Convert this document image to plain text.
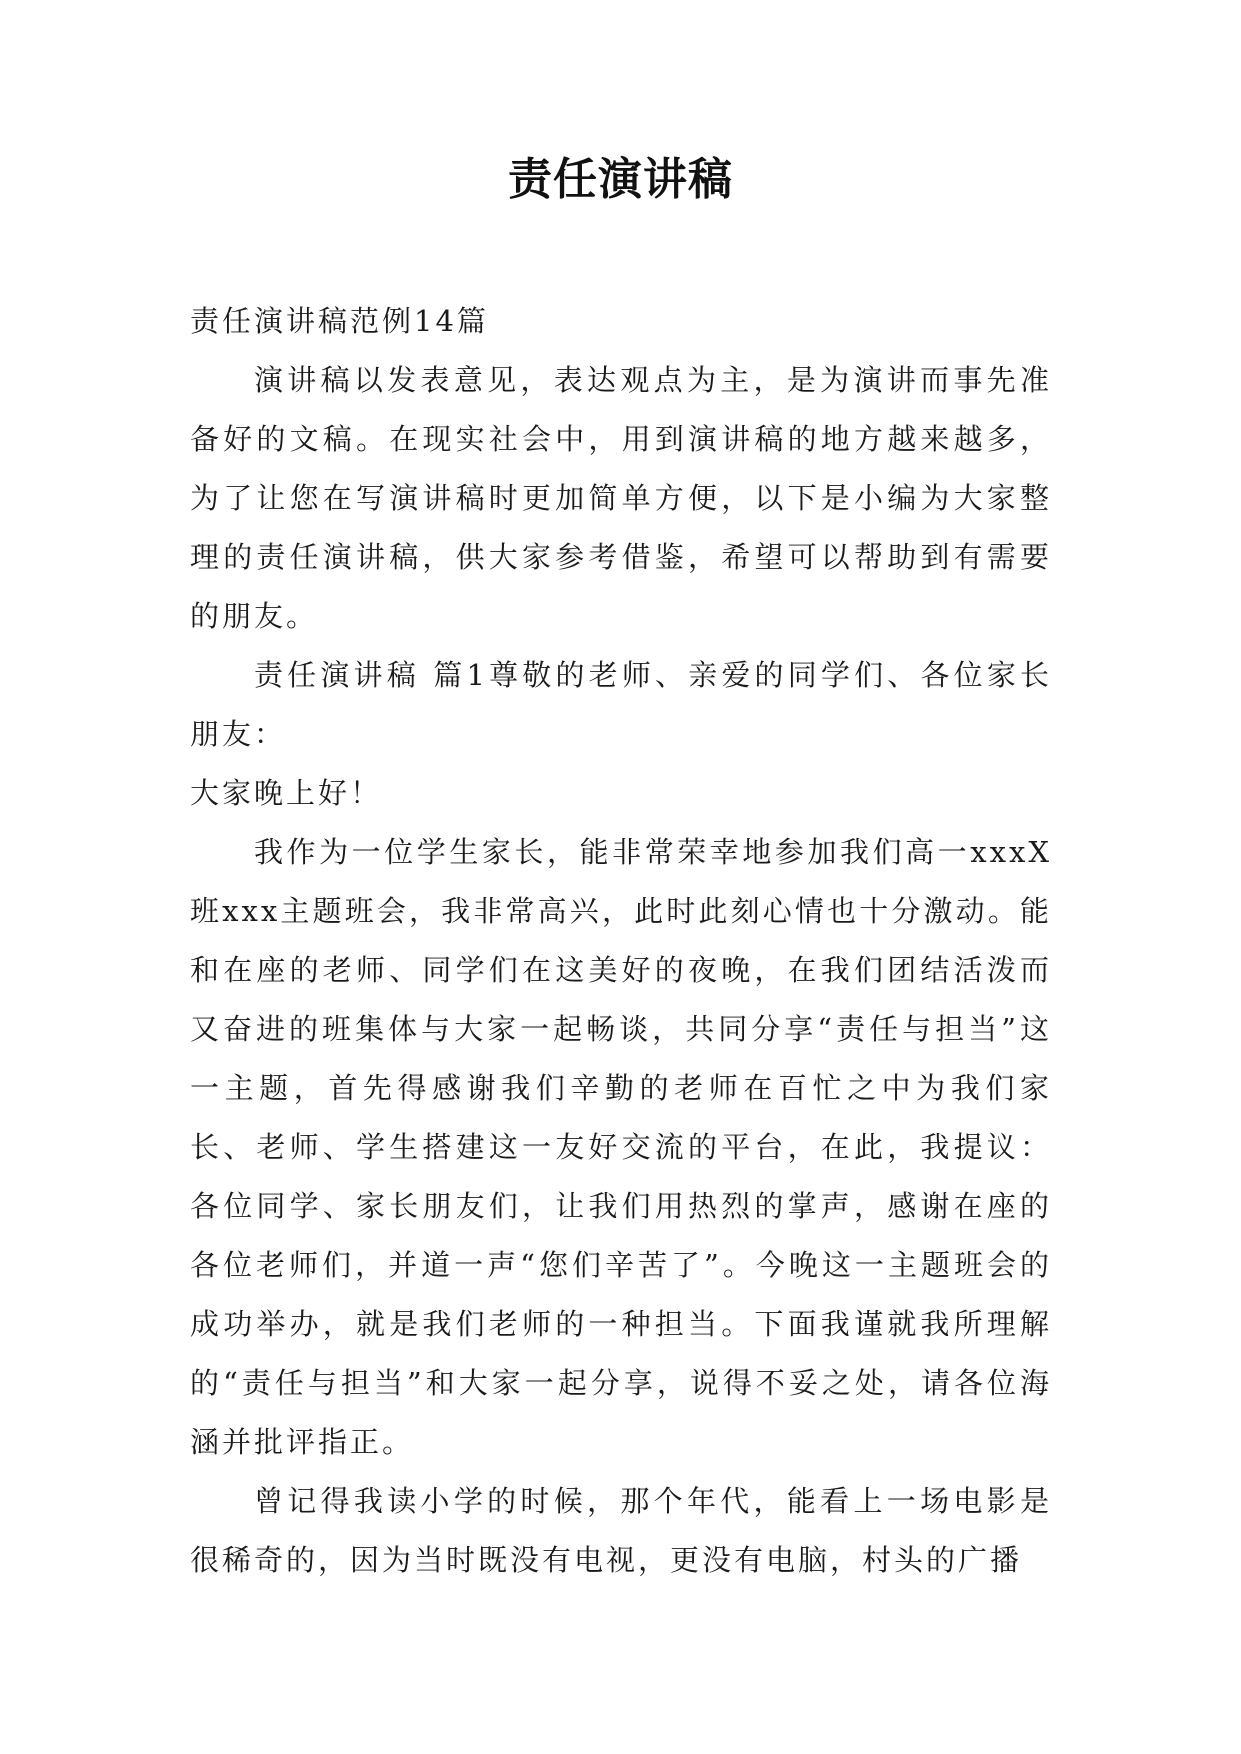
责任演讲稿

责任演讲稿范例14篇

演讲稿以发表意见，表达观点为主，是为演讲而事先准备好的文稿。在现实社会中，用到演讲稿的地方越来越多，为了让您在写演讲稿时更加简单方便，以下是小编为大家整理的责任演讲稿，供大家参考借鉴，希望可以帮助到有需要的朋友。

责任演讲稿 篇1尊敬的老师、亲爱的同学们、各位家长朋友：

大家晚上好！

我作为一位学生家长，能非常荣幸地参加我们高一xxxX班xxx主题班会，我非常高兴，此时此刻心情也十分激动。能和在座的老师、同学们在这美好的夜晚，在我们团结活泼而又奋进的班集体与大家一起畅谈，共同分享“责任与担当”这一主题，首先得感谢我们辛勤的老师在百忙之中为我们家长、老师、学生搭建这一友好交流的平台，在此，我提议：各位同学、家长朋友们，让我们用热烈的掌声，感谢在座的各位老师们，并道一声“您们辛苦了”。今晚这一主题班会的成功举办，就是我们老师的一种担当。下面我谨就我所理解的“责任与担当”和大家一起分享，说得不妥之处，请各位海涵并批评指正。

曾记得我读小学的时候，那个年代，能看上一场电影是很稀奇的，因为当时既没有电视，更没有电脑，村头的广播
